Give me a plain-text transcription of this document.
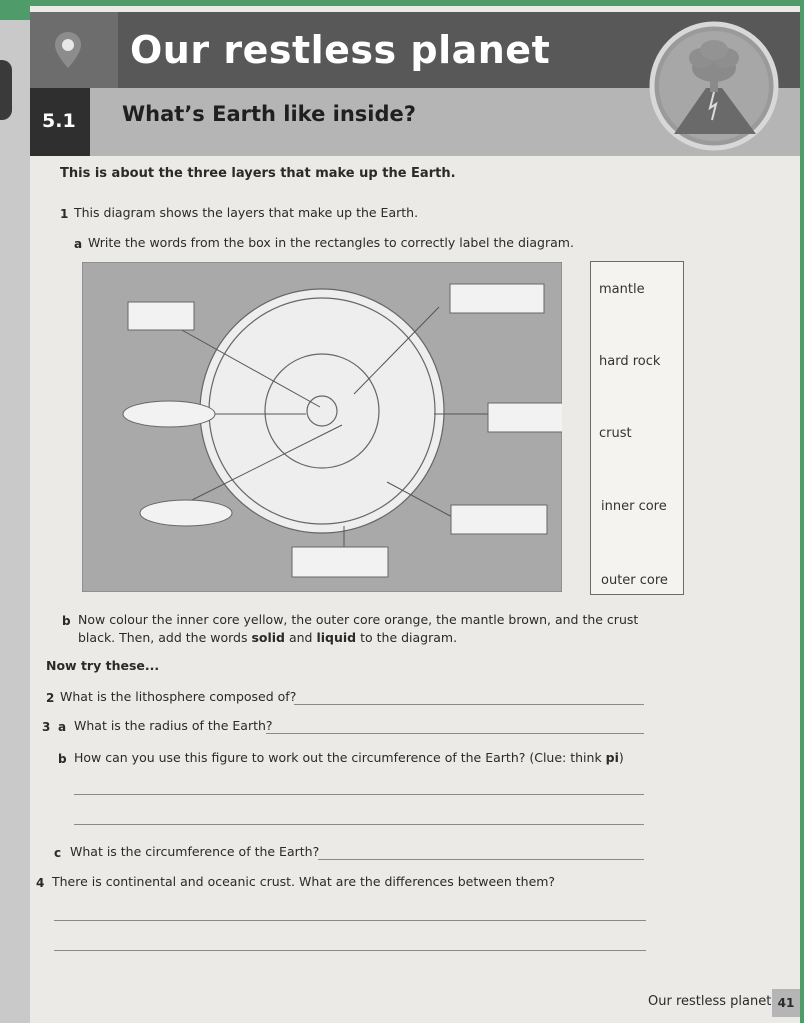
Our restless planet
5.1 What’s Earth like inside?
This is about the three layers that make up the Earth.
1 This diagram shows the layers that make up the Earth.
a Write the words from the box in the rectangles to correctly label the diagram.
mantle
hard rock
crust
inner core
outer core
b Now colour the inner core yellow, the outer core orange, the mantle brown, and the crust
black. Then, add the words solid and liquid to the diagram.
Now try these...
2 What is the lithosphere composed of?
3 a What is the radius of the Earth?
b How can you use this figure to work out the circumference of the Earth? (Clue: think pi)
c What is the circumference of the Earth?
4 There is continental and oceanic crust. What are the differences between them?
Our restless planet 41
